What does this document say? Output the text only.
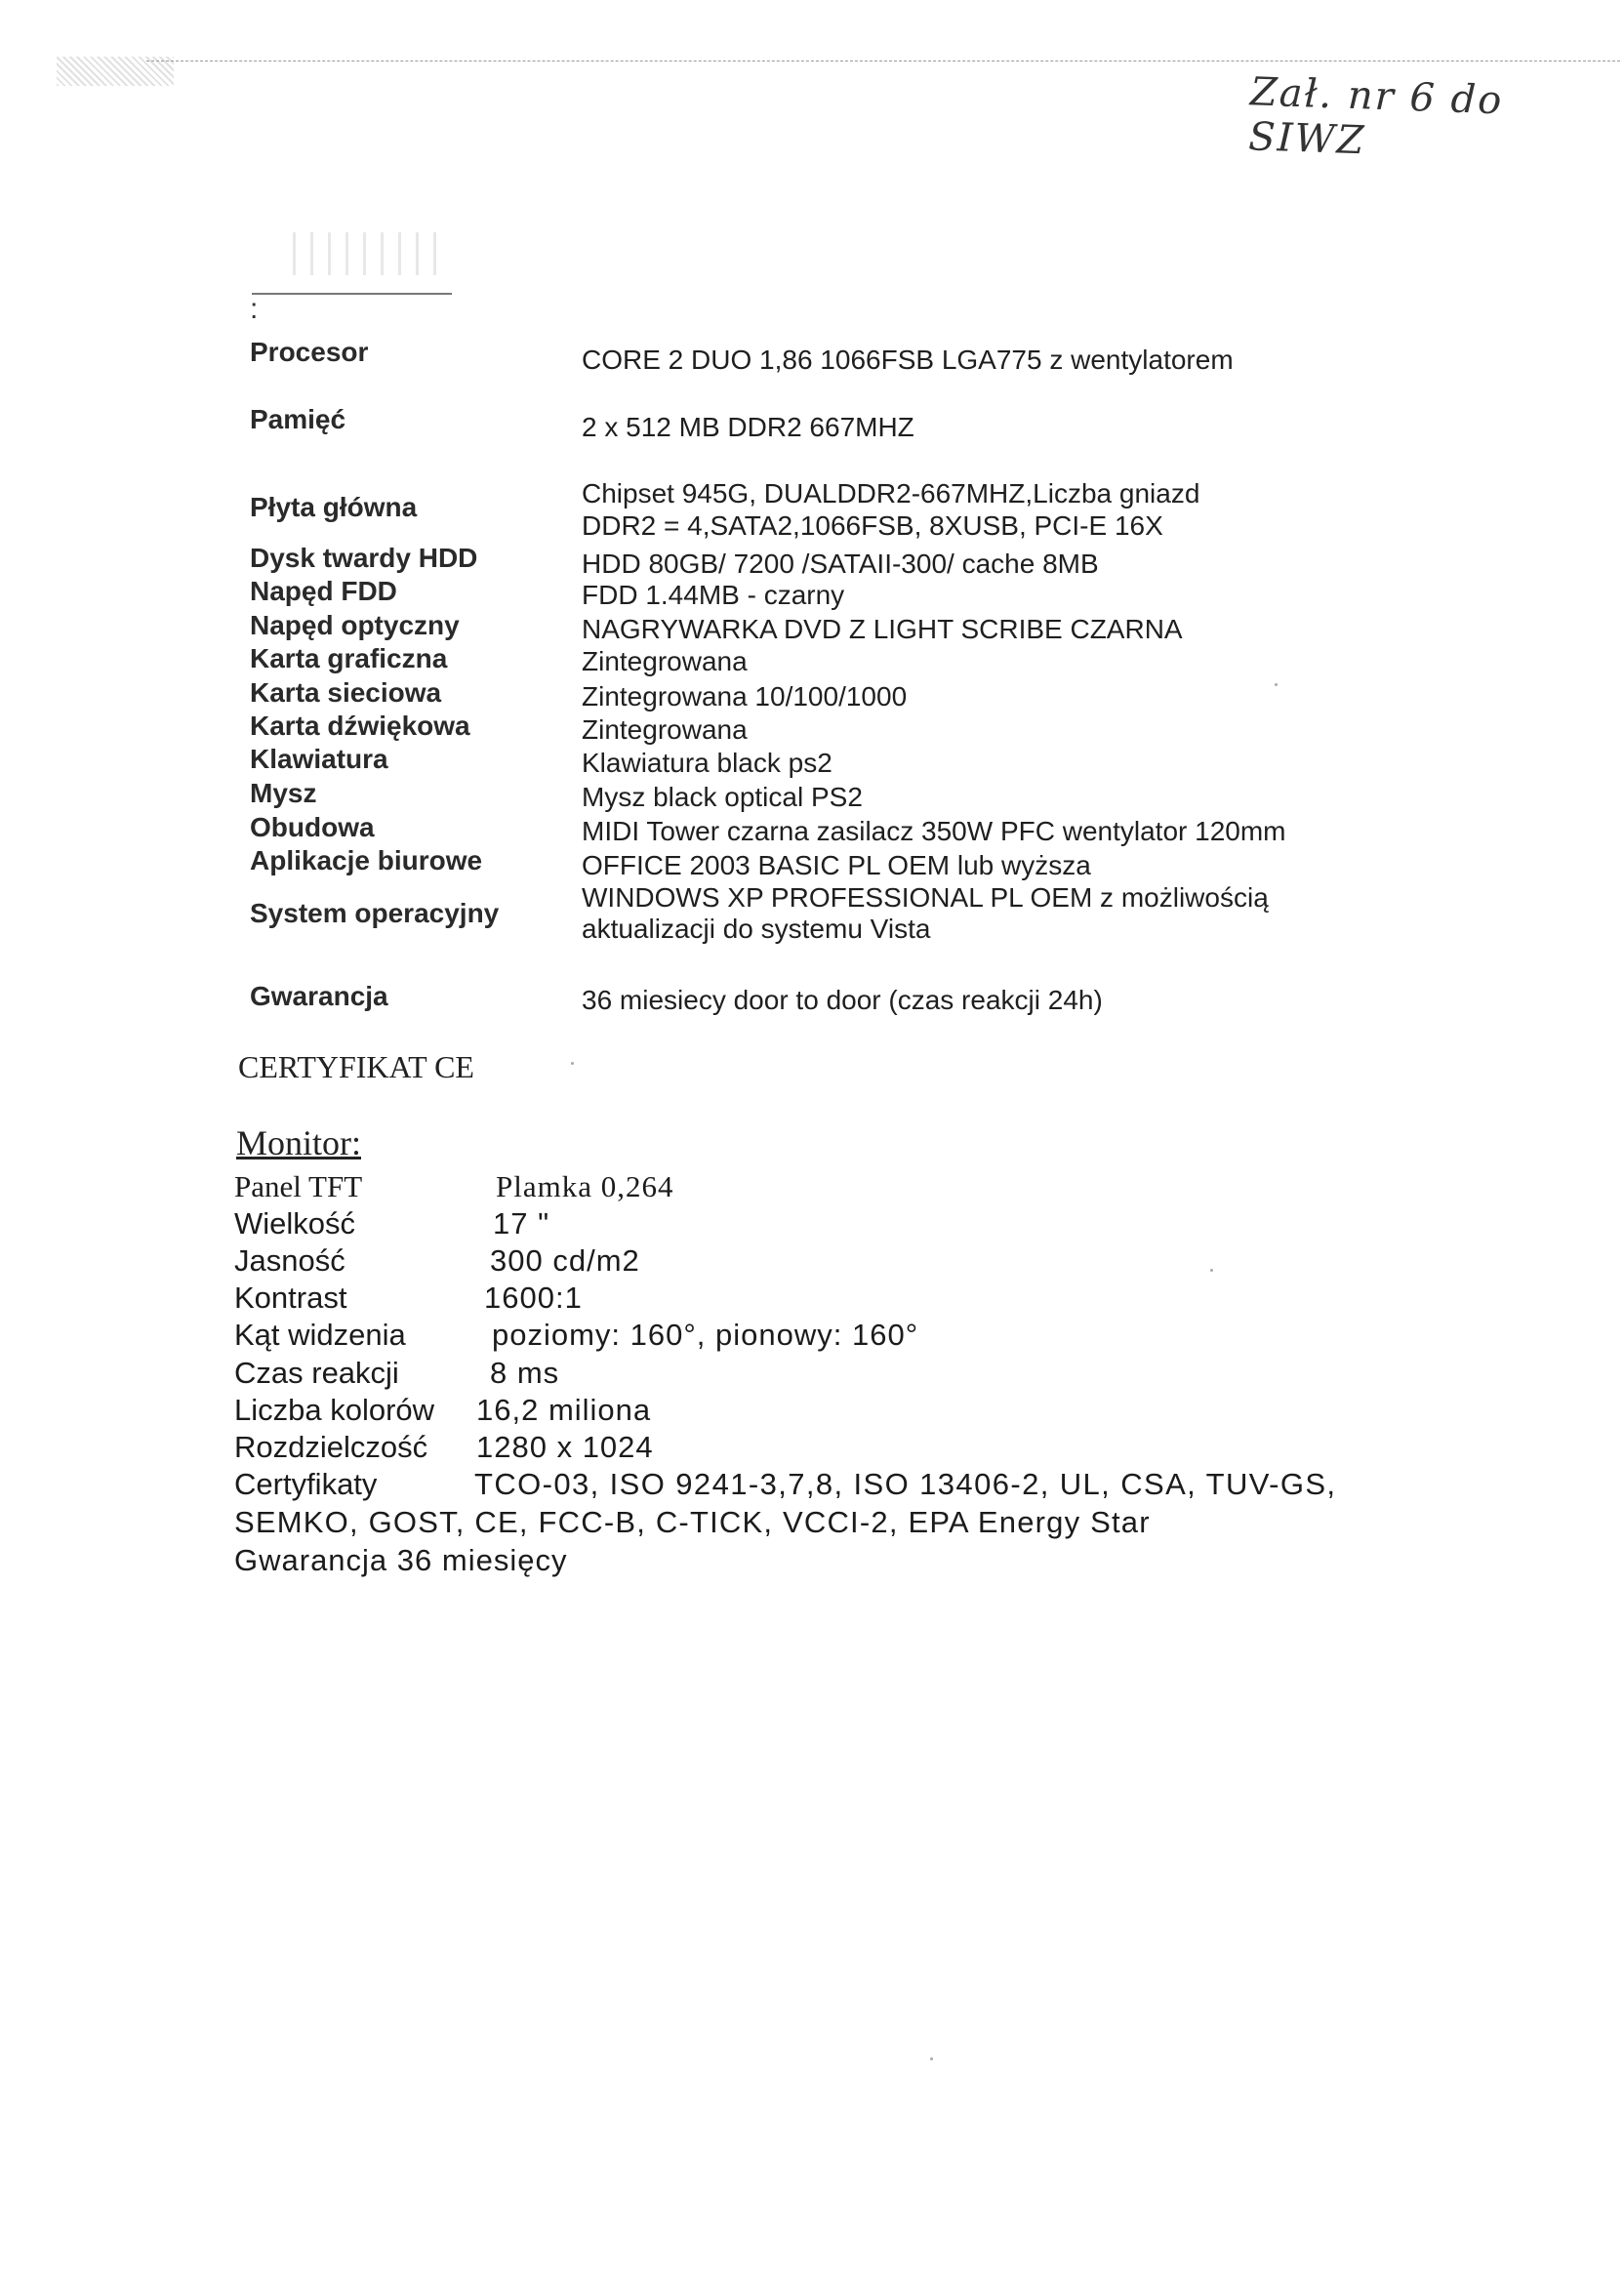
Zał. nr 6 do SIWZ
:
Procesor	CORE 2 DUO 1,86 1066FSB LGA775 z wentylatorem
Pamięć	2 x 512 MB DDR2 667MHZ
Płyta główna	Chipset 945G, DUALDDR2-667MHZ,Liczba gniazd
DDR2 = 4,SATA2,1066FSB, 8XUSB, PCI-E 16X
Dysk twardy HDD	HDD 80GB/ 7200 /SATAII-300/ cache 8MB
Napęd FDD	FDD 1.44MB - czarny
Napęd optyczny	NAGRYWARKA DVD Z LIGHT SCRIBE CZARNA
Karta graficzna	Zintegrowana
Karta sieciowa	Zintegrowana 10/100/1000
Karta dźwiękowa	Zintegrowana
Klawiatura	Klawiatura black ps2
Mysz	Mysz black optical PS2
Obudowa	MIDI Tower czarna zasilacz 350W PFC wentylator 120mm
Aplikacje biurowe	OFFICE 2003 BASIC PL OEM lub wyższa
System operacyjny
WINDOWS XP PROFESSIONAL PL OEM z możliwością
aktualizacji do systemu Vista
Gwarancja	36 miesiecy door to door (czas reakcji 24h)
CERTYFIKAT CE
Monitor:
Panel TFT	Plamka 0,264
Wielkość	17 "
Jasność	300 cd/m2
Kontrast	1600:1
Kąt widzenia	poziomy: 160°, pionowy: 160°
Czas reakcji	8 ms
Liczba kolorów 16,2 miliona
Rozdzielczość 1280 x 1024
Certyfikaty	TCO-03, ISO 9241-3,7,8, ISO 13406-2, UL, CSA, TUV-GS,
SEMKO, GOST, CE, FCC-B, C-TICK, VCCI-2, EPA Energy Star
Gwarancja 36 miesięcy
